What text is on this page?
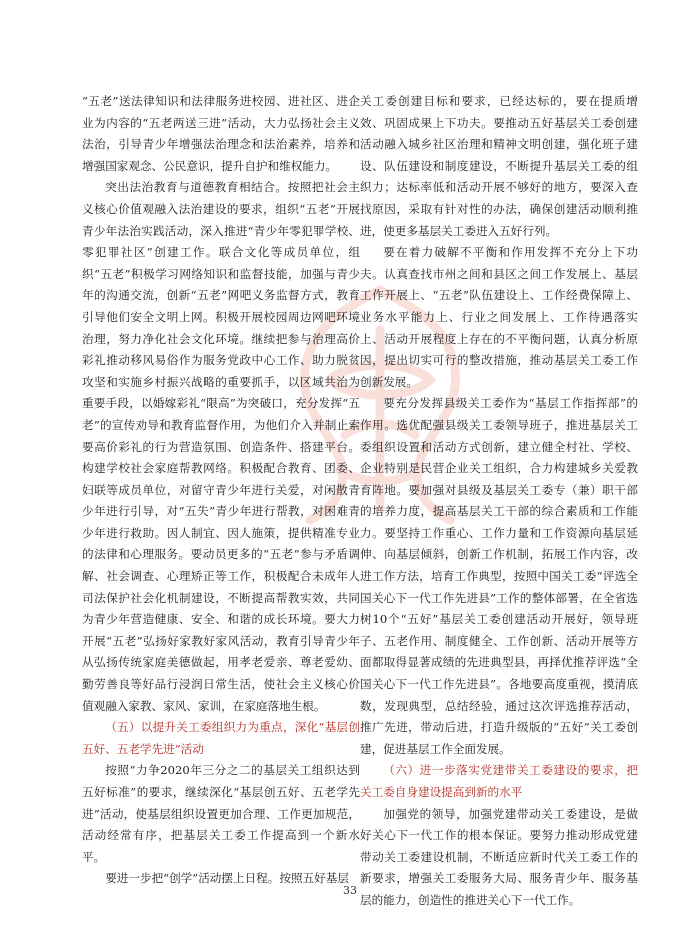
“五老”送法律知识和法律服务进校园、进社区、进企业为内容的“五老两送三进”活动，大力弘扬社会主义法治，引导青少年增强法治理念和法治素养，培养和增强国家观念、公民意识，提升自护和维权能力。

突出法治教育与道德教育相结合。按照把社会主义核心价值观融入法治建设的要求，组织“五老”开展青少年法治实践活动，深入推进“青少年零犯罪学校、零犯罪社区”创建工作。联合文化等成员单位，组织“五老”积极学习网络知识和监督技能，加强与青少年的沟通交流，创新“五老”网吧义务监督方式，教育引导他们安全文明上网。积极开展校园周边网吧环境治理，努力净化社会文化环境。继续把参与治理高价彩礼推动移风易俗作为服务党政中心工作、助力脱贫攻坚和实施乡村振兴战略的重要抓手，以区域共治为重要手段，以婚嫁彩礼“限高”为突破口，充分发挥“五老”的宣传劝导和教育监督作用，为他们介入并制止索要高价彩礼的行为营造氛围、创造条件、搭建平台。构建学校社会家庭帮教网络。积极配合教育、团委、妇联等成员单位，对留守青少年进行关爱，对闲散青少年进行引导，对“五失”青少年进行帮教，对困难青少年进行救助。因人制宜、因人施策，提供精准专业的法律和心理服务。要动员更多的“五老”参与矛盾调解、社会调查、心理矫正等工作，积极配合未成年人司法保护社会化机制建设，不断提高帮教实效，共同为青少年营造健康、安全、和谐的成长环境。要大力开展“五老”弘扬好家教好家风活动，教育引导青少年从弘扬传统家庭美德做起，用孝老爱亲、尊老爱幼、勤劳善良等好品行浸润日常生活，使社会主义核心价值观融入家教、家风、家训，在家庭落地生根。

（五）以提升关工委组织力为重点，深化“基层创五好、五老学先进”活动

按照“力争2020年三分之二的基层关工组织达到五好标准”的要求，继续深化“基层创五好、五老学先进”活动，使基层组织设置更加合理、工作更加规范，活动经常有序，把基层关工委工作提高到一个新水平。

要进一步把“创学”活动摆上日程。按照五好基层

关工委创建目标和要求，已经达标的，要在提质增效、巩固成果上下功夫。要推动五好基层关工委创建活动融入城乡社区治理和精神文明创建，强化班子建设、队伍建设和制度建设，不断提升基层关工委的组织力；达标率低和活动开展不够好的地方，要深入查找原因，采取有针对性的办法，确保创建活动顺利推进，使更多基层关工委进入五好行列。

要在着力破解不平衡和作用发挥不充分上下功夫。认真查找市州之间和县区之间工作发展上、基层工作开展上、“五老”队伍建设上、工作经费保障上、业务水平能力上、行业之间发展上、工作待遇落实上、活动开展程度上存在的不平衡问题，认真分析原因，提出切实可行的整改措施，推动基层关工委工作创新发展。

要充分发挥县级关工委作为“基层工作指挥部”的作用。选优配强县级关工委领导班子，推进基层关工委组织设置和活动方式创新，建立健全村社、学校、企业特别是民营企业关工组织，合力构建城乡关爱教育阵地。要加强对县级及基层关工委专（兼）职干部的培养力度，提高基层关工干部的综合素质和工作能力。要坚持工作重心、工作力量和工作资源向基层延伸、向基层倾斜，创新工作机制，拓展工作内容，改进工作方法，培育工作典型，按照中国关工委“评选全国关心下一代工作先进县”工作的整体部署，在全省选树10个“五好”基层关工委创建活动开展好，领导班子、五老作用、制度健全、工作创新、活动开展等方面都取得显著成绩的先进典型县，再择优推荐评选“全国关心下一代工作先进县”。各地要高度重视，摸清底数，发现典型，总结经验，通过这次评选推荐活动，推广先进，带动后进，打造升级版的“五好”关工委创建，促进基层工作全面发展。

（六）进一步落实党建带关工委建设的要求，把关工委自身建设提高到新的水平

加强党的领导，加强党建带动关工委建设，是做好关心下一代工作的根本保证。要努力推动形成党建带动关工委建设机制，不断适应新时代关工委工作的新要求，增强关工委服务大局、服务青少年、服务基层的能力，创造性的推进关心下一代工作。

33
